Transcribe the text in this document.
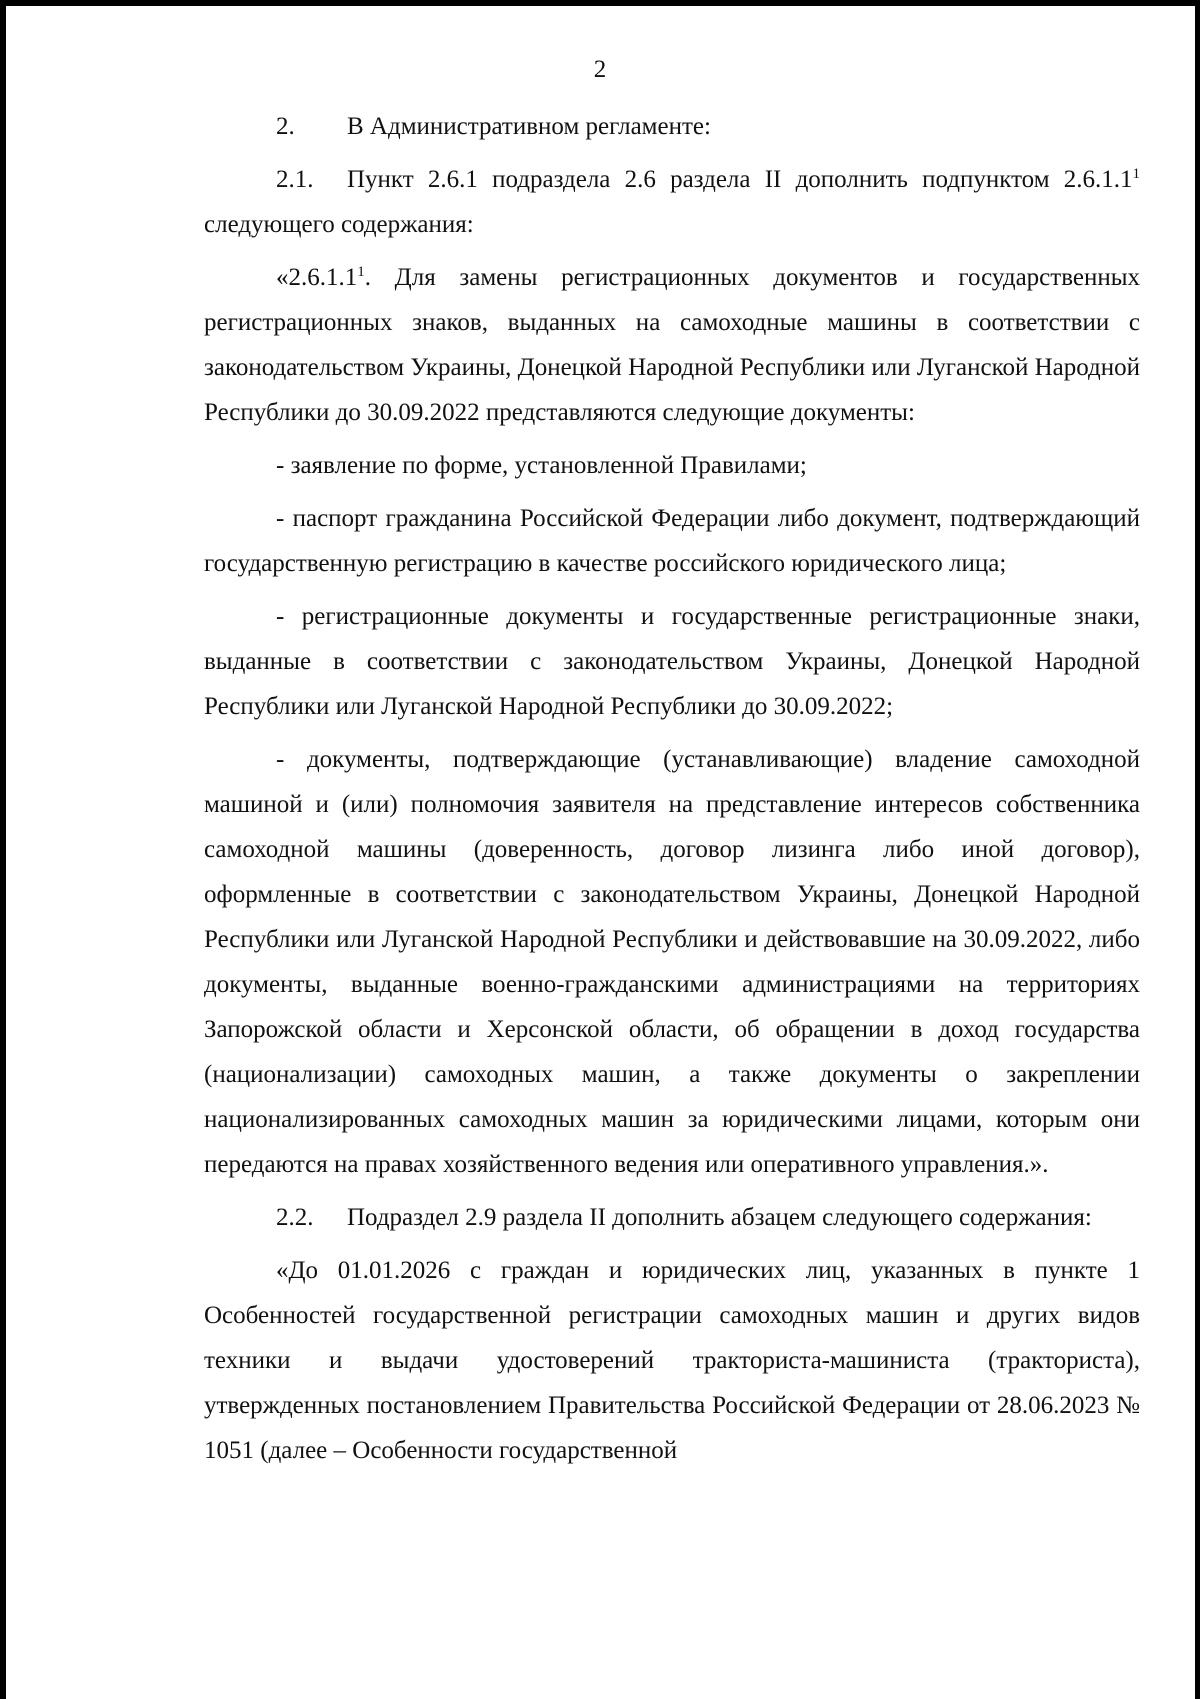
2

2. В Административном регламенте:

2.1. Пункт 2.6.1 подраздела 2.6 раздела II дополнить подпунктом 2.6.1.1$^1$ следующего содержания:

«2.6.1.1$^1$. Для замены регистрационных документов и государственных регистрационных знаков, выданных на самоходные машины в соответствии с законодательством Украины, Донецкой Народной Республики или Луганской Народной Республики до 30.09.2022 представляются следующие документы:

- заявление по форме, установленной Правилами;

- паспорт гражданина Российской Федерации либо документ, подтверждающий государственную регистрацию в качестве российского юридического лица;

- регистрационные документы и государственные регистрационные знаки, выданные в соответствии с законодательством Украины, Донецкой Народной Республики или Луганской Народной Республики до 30.09.2022;

- документы, подтверждающие (устанавливающие) владение самоходной машиной и (или) полномочия заявителя на представление интересов собственника самоходной машины (доверенность, договор лизинга либо иной договор), оформленные в соответствии с законодательством Украины, Донецкой Народной Республики или Луганской Народной Республики и действовавшие на 30.09.2022, либо документы, выданные военно-гражданскими администрациями на территориях Запорожской области и Херсонской области, об обращении в доход государства (национализации) самоходных машин, а также документы о закреплении национализированных самоходных машин за юридическими лицами, которым они передаются на правах хозяйственного ведения или оперативного управления.».

2.2. Подраздел 2.9 раздела II дополнить абзацем следующего содержания:

«До 01.01.2026 с граждан и юридических лиц, указанных в пункте 1 Особенностей государственной регистрации самоходных машин и других видов техники и выдачи удостоверений тракториста-машиниста (тракториста), утвержденных постановлением Правительства Российской Федерации от 28.06.2023 № 1051 (далее – Особенности государственной
